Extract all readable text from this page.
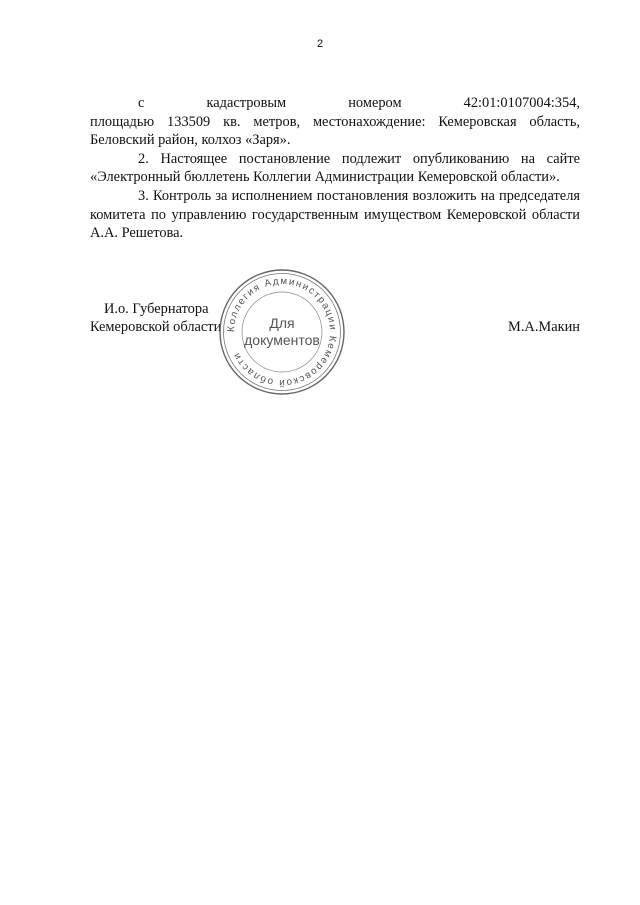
2

с	кадастровым	номером	42:01:0107004:354,
площадью 133509 кв. метров, местонахождение: Кемеровская область, Беловский район, колхоз «Заря».

2. Настоящее постановление подлежит опубликованию на сайте «Электронный бюллетень Коллегии Администрации Кемеровской области».

3. Контроль за исполнением постановления возложить на председателя комитета по управлению государственным имуществом Кемеровской области А.А. Решетова.

И.о. Губернатора
Кемеровской области	М.А.Макин
Коллегия Администрации Кемеровской области
Для
документов
